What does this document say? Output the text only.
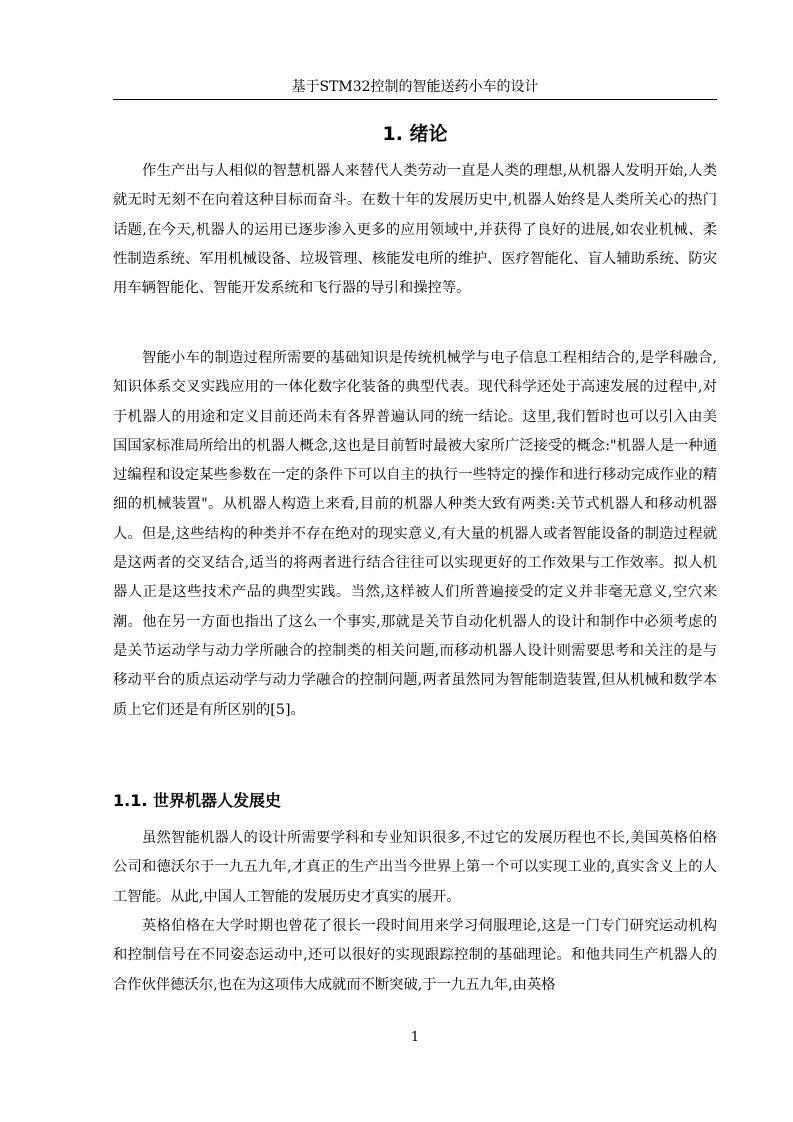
基于STM32控制的智能送药小车的设计
1. 绪论

作生产出与人相似的智慧机器人来替代人类劳动一直是人类的理想,从机器人发明开始,人类就无时无刻不在向着这种目标而奋斗。在数十年的发展历史中,机器人始终是人类所关心的热门话题,在今天,机器人的运用已逐步渗入更多的应用领域中,并获得了良好的进展,如农业机械、柔性制造系统、军用机械设备、垃圾管理、核能发电所的维护、医疗智能化、盲人辅助系统、防灾用车辆智能化、智能开发系统和飞行器的导引和操控等。

智能小车的制造过程所需要的基础知识是传统机械学与电子信息工程相结合的,是学科融合,知识体系交叉实践应用的一体化数字化装备的典型代表。现代科学还处于高速发展的过程中,对于机器人的用途和定义目前还尚未有各界普遍认同的统一结论。这里,我们暂时也可以引入由美国国家标准局所给出的机器人概念,这也是目前暂时最被大家所广泛接受的概念:"机器人是一种通过编程和设定某些参数在一定的条件下可以自主的执行一些特定的操作和进行移动完成作业的精细的机械装置"。从机器人构造上来看,目前的机器人种类大致有两类:关节式机器人和移动机器人。但是,这些结构的种类并不存在绝对的现实意义,有大量的机器人或者智能设备的制造过程就是这两者的交叉结合,适当的将两者进行结合往往可以实现更好的工作效果与工作效率。拟人机器人正是这些技术产品的典型实践。当然,这样被人们所普遍接受的定义并非毫无意义,空穴来潮。他在另一方面也指出了这么一个事实,那就是关节自动化机器人的设计和制作中必须考虑的是关节运动学与动力学所融合的控制类的相关问题,而移动机器人设计则需要思考和关注的是与移动平台的质点运动学与动力学融合的控制问题,两者虽然同为智能制造装置,但从机械和数学本质上它们还是有所区别的[5]。

1.1. 世界机器人发展史

虽然智能机器人的设计所需要学科和专业知识很多,不过它的发展历程也不长,美国英格伯格公司和德沃尔于一九五九年,才真正的生产出当今世界上第一个可以实现工业的,真实含义上的人工智能。从此,中国人工智能的发展历史才真实的展开。

英格伯格在大学时期也曾花了很长一段时间用来学习伺服理论,这是一门专门研究运动机构和控制信号在不同姿态运动中,还可以很好的实现跟踪控制的基础理论。和他共同生产机器人的合作伙伴德沃尔,也在为这项伟大成就而不断突破,于一九五九年,由英格

1
